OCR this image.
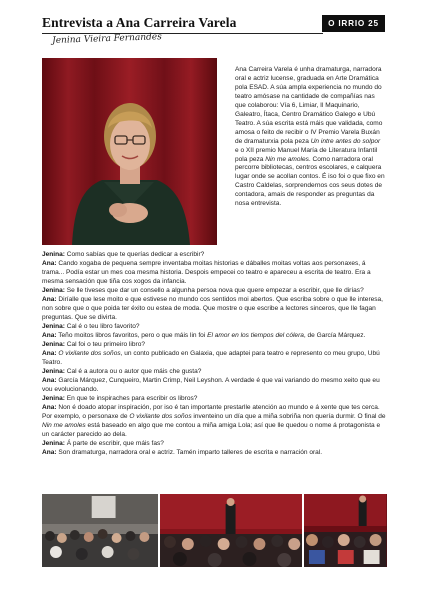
Entrevista a Ana Carreira Varela
Jenina Vieira Fernandes
O IRRIO 25
Ana Carreira Varela é unha dramaturga, narradora oral e actriz lucense, graduada en Arte Dramática pola ESAD. A súa ampla experiencia no mundo do teatro amósase na cantidade de compañías nas que colaborou: Vía 6, Limiar, Il Maquinario, Galeatro, Ítaca, Centro Dramático Galego e Ubú Teatro. A súa escrita está máis que validada, como amosa o feito de recibir o IV Premio Varela Buxán de dramaturxia pola peza Un intre antes do solpor e o XII premio Manuel María de Literatura Infantil pola peza Nin me amoles. Como narradora oral percorre bibliotecas, centros escolares, e calquera lugar onde se acollan contos. É iso foi o que fixo en Castro Caldelas, sorprendernos cos seus dotes de contadora, amais de responder as preguntas da nosa entrevista.

Jenina: Como sabías que te querías dedicar a escribir?

Ana: Cando xogaba de pequena sempre inventaba moitas historias e dáballes moitas voltas aos personaxes, á trama... Podía estar un mes coa mesma historia. Despois empecei co teatro e apareceu a escrita de teatro. Era a mesma sensación que tiña cos xogos da infancia.

Jenina: Se lle tiveses que dar un consello a algunha persoa nova que quere empezar a escribir, que lle dirías?

Ana: Diríalle que lese moito e que estivese no mundo cos sentidos moi abertos. Que escriba sobre o que lle interesa, non sobre que o que poida ter éxito ou estea de moda. Que mostre o que escribe a lectores sinceros, que lle fagan preguntas. Que se divirta.

Jenina: Cal é o teu libro favorito?

Ana: Teño moitos libros favoritos, pero o que máis lin foi El amor en los tiempos del cólera, de García Márquez.

Jenina: Cal foi o teu primeiro libro?

Ana: O vixilante dos soños, un conto publicado en Galaxia, que adaptei para teatro e represento co meu grupo, Ubú Teatro.

Jenina: Cal é a autora ou o autor que máis che gusta?

Ana: García Márquez, Cunqueiro, Martin Crimp, Neil Leyshon. A verdade é que vai variando do mesmo xeito que eu vou evolucionando.

Jenina: En que te inspiraches para escribir os libros?

Ana: Non é doado atopar inspiración, por iso é tan importante prestarlle atención ao mundo e á xente que tes cerca. Por exemplo, o personaxe de O vixilante dos soños inventeino un día que a miña sobriña non quería durmir. O final de Nin me amoles está baseado en algo que me contou a miña amiga Lola; así que lle quedou o nome á protagonista e un carácter parecido ao dela.

Jenina: Á parte de escribir, que máis fas?

Ana: Son dramaturga, narradora oral e actriz. Tamén imparto talleres de escrita e narración oral.
